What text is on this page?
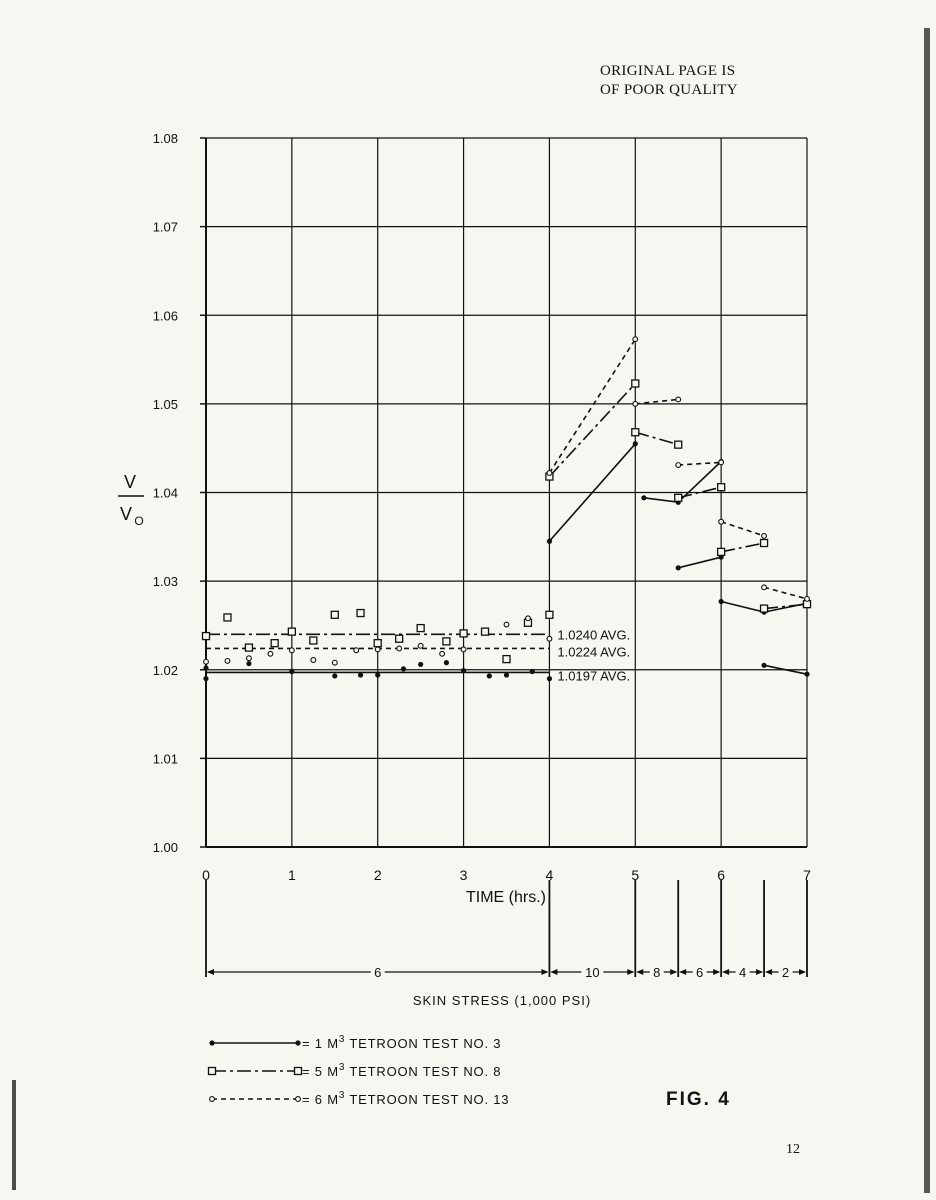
ORIGINAL PAGE IS
OF POOR QUALITY
1.0240 AVG.
1.0224 AVG.
1.0197 AVG.
1.00
1.01
1.02
1.03
1.04
1.05
1.06
1.07
1.08
0	1	2	3	4	5	6	7
TIME (hrs.)
V
V O
6	10	8	6	4	2
SKIN STRESS (1,000 PSI)
= 1 $M^3$ TETROON TEST NO. 3
= 5 $M^3$ TETROON TEST NO. 8
= 6 $M^3$ TETROON TEST NO. 13	FIG. 4
12
